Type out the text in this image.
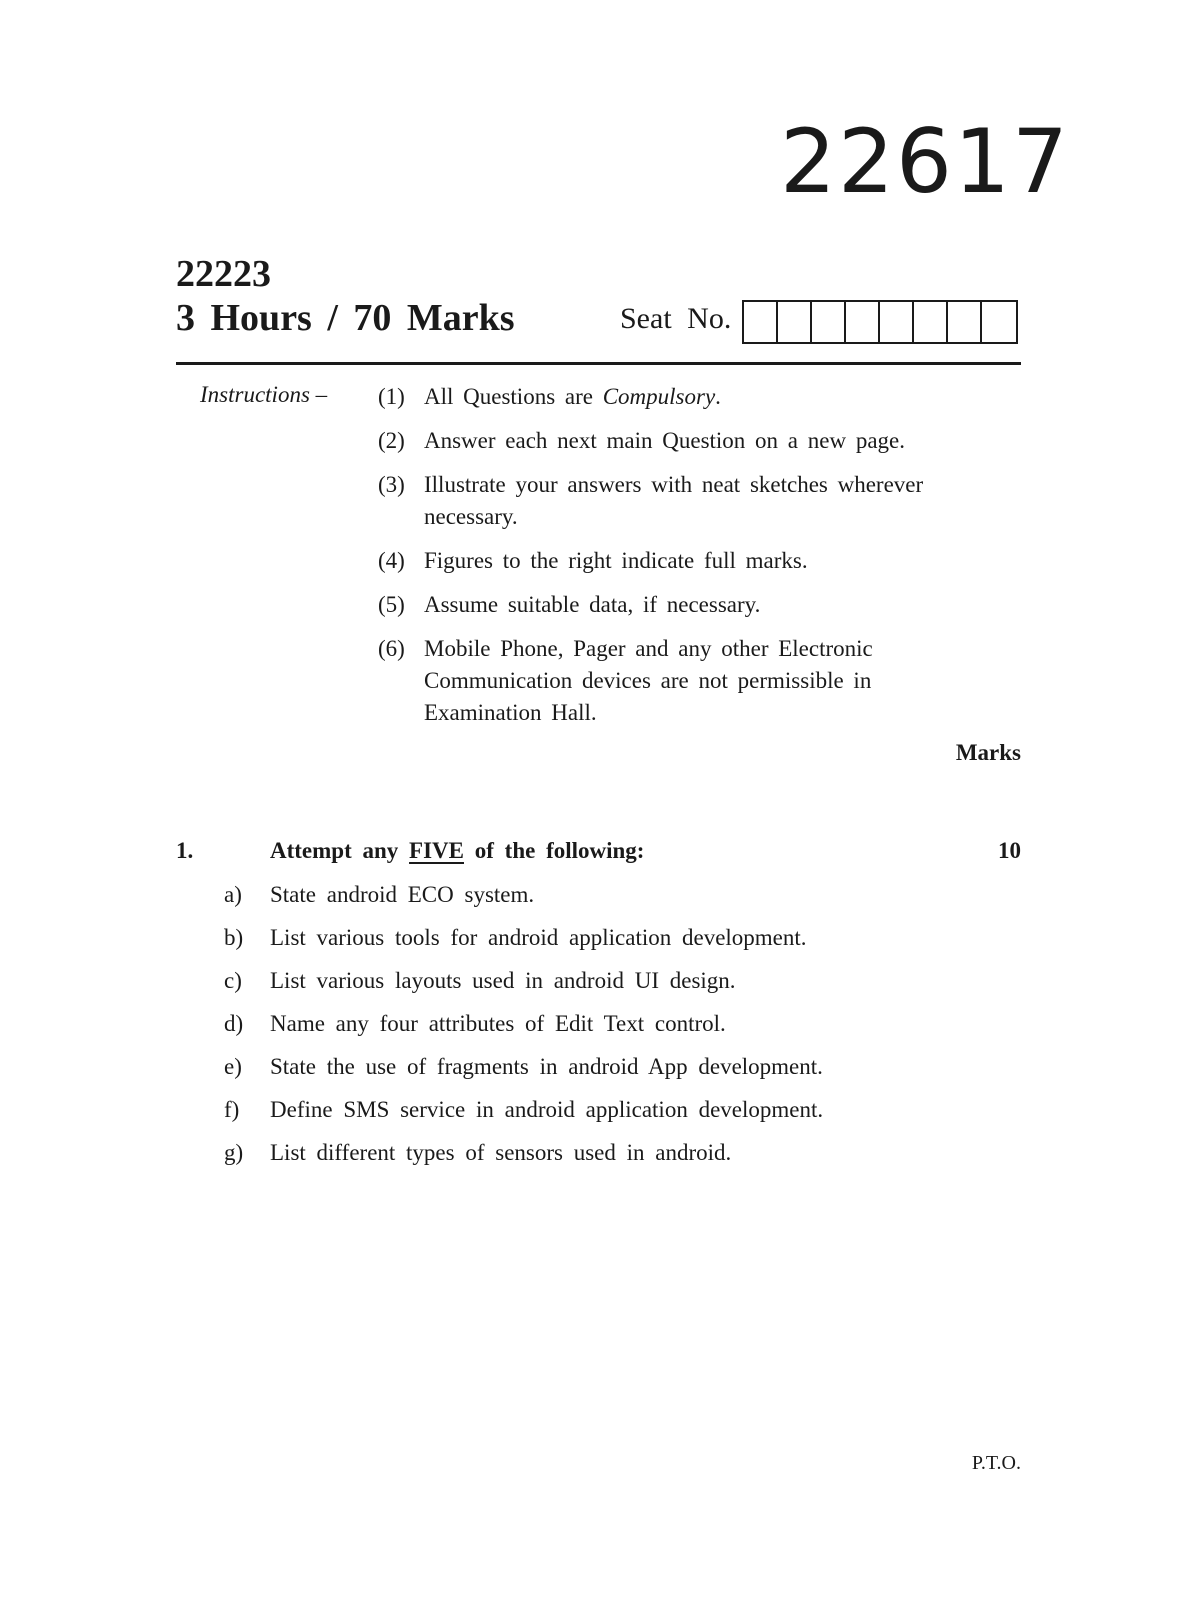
22617
22223
3 Hours / 70 Marks	Seat No.
Instructions – (1) All Questions are Compulsory.
(2) Answer each next main Question on a new page.
(3) Illustrate your answers with neat sketches wherever necessary.
(4) Figures to the right indicate full marks.
(5) Assume suitable data, if necessary.
(6) Mobile Phone, Pager and any other Electronic Communication devices are not permissible in Examination Hall.
Marks
1.	Attempt any FIVE of the following:	10
a)	State android ECO system.
b)	List various tools for android application development.
c)	List various layouts used in android UI design.
d)	Name any four attributes of Edit Text control.
e)	State the use of fragments in android App development.
f)	Define SMS service in android application development.
g)	List different types of sensors used in android.
P.T.O.
